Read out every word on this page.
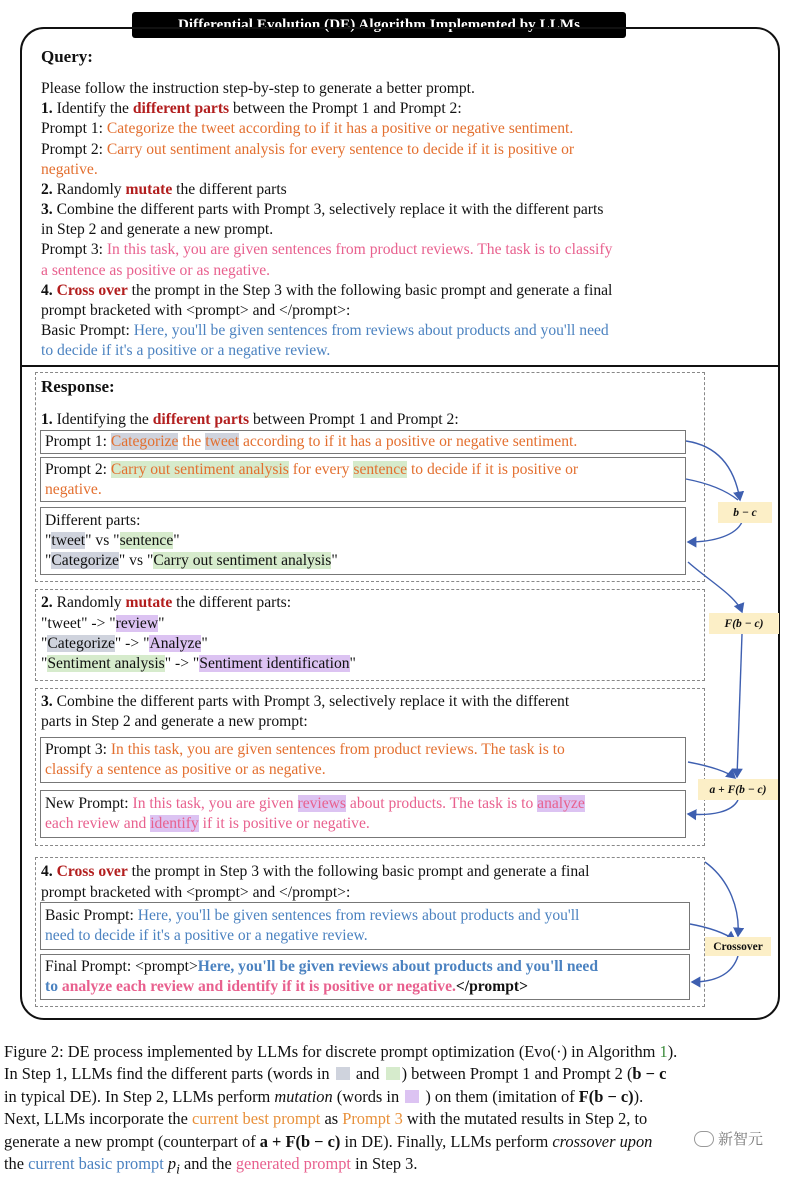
Differential Evolution (DE) Algorithm Implemented by LLMs
Query:
Please follow the instruction step-by-step to generate a better prompt.
1. Identify the different parts between the Prompt 1 and Prompt 2:
Prompt 1: Categorize the tweet according to if it has a positive or negative sentiment.
Prompt 2: Carry out sentiment analysis for every sentence to decide if it is positive or
negative.
2. Randomly mutate the different parts
3. Combine the different parts with Prompt 3, selectively replace it with the different parts
in Step 2 and generate a new prompt.
Prompt 3: In this task, you are given sentences from product reviews. The task is to classify
a sentence as positive or as negative.
4. Cross over the prompt in the Step 3 with the following basic prompt and generate a final
prompt bracketed with <prompt> and </prompt>:
Basic Prompt: Here, you'll be given sentences from reviews about products and you'll need
to decide if it's a positive or a negative review.
Response:
1. Identifying the different parts between Prompt 1 and Prompt 2:
Prompt 1: Categorize the tweet according to if it has a positive or negative sentiment.
Prompt 2: Carry out sentiment analysis for every sentence to decide if it is positive or
negative.
Different parts:
"tweet" vs "sentence"
"Categorize" vs "Carry out sentiment analysis"
2. Randomly mutate the different parts:
"tweet" -> "review"
"Categorize" -> "Analyze"
"Sentiment analysis" -> "Sentiment identification"
3. Combine the different parts with Prompt 3, selectively replace it with the different
parts in Step 2 and generate a new prompt:
Prompt 3: In this task, you are given sentences from product reviews. The task is to
classify a sentence as positive or as negative.
New Prompt: In this task, you are given reviews about products. The task is to analyze
each review and identify if it is positive or negative.
4. Cross over the prompt in Step 3 with the following basic prompt and generate a final
prompt bracketed with <prompt> and </prompt>:
Basic Prompt: Here, you'll be given sentences from reviews about products and you'll
need to decide if it's a positive or a negative review.
Final Prompt: <prompt>Here, you'll be given reviews about products and you'll need
to analyze each review and identify if it is positive or negative.</prompt>
b − c
F(b − c)
a + F(b − c)
Crossover
Figure 2: DE process implemented by LLMs for discrete prompt optimization (Evo(·) in Algorithm 1).
In Step 1, LLMs find the different parts (words in  and ) between Prompt 1 and Prompt 2 (b − c
in typical DE). In Step 2, LLMs perform mutation (words in  ) on them (imitation of F(b − c)).
Next, LLMs incorporate the current best prompt as Prompt 3 with the mutated results in Step 2, to
generate a new prompt (counterpart of a + F(b − c) in DE). Finally, LLMs perform crossover upon
the current basic prompt $p_i$ and the generated prompt in Step 3.
新智元
